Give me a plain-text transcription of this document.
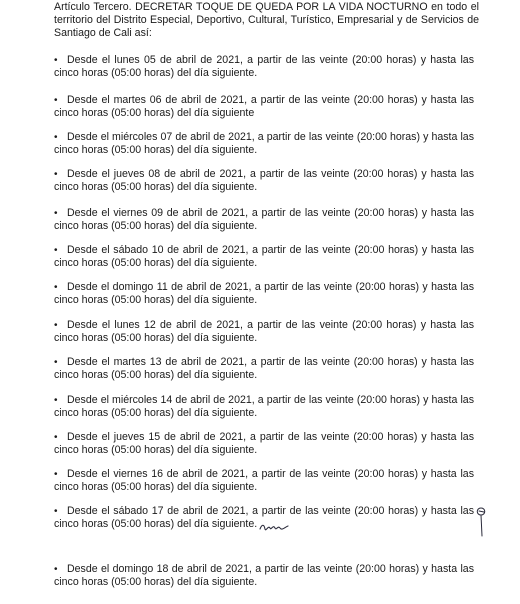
Artículo Tercero. DECRETAR TOQUE DE QUEDA POR LA VIDA NOCTURNO en todo el territorio del Distrito Especial, Deportivo, Cultural, Turístico, Empresarial y de Servicios de Santiago de Cali así:

• Desde el lunes 05 de abril de 2021, a partir de las veinte (20:00 horas) y hasta las cinco horas (05:00 horas) del día siguiente.

• Desde el martes 06 de abril de 2021, a partir de las veinte (20:00 horas) y hasta las cinco horas (05:00 horas) del día siguiente

• Desde el miércoles 07 de abril de 2021, a partir de las veinte (20:00 horas) y hasta las cinco horas (05:00 horas) del día siguiente.

• Desde el jueves 08 de abril de 2021, a partir de las veinte (20:00 horas) y hasta las cinco horas (05:00 horas) del día siguiente.

• Desde el viernes 09 de abril de 2021, a partir de las veinte (20:00 horas) y hasta las cinco horas (05:00 horas) del día siguiente.

• Desde el sábado 10 de abril de 2021, a partir de las veinte (20:00 horas) y hasta las cinco horas (05:00 horas) del día siguiente.

• Desde el domingo 11 de abril de 2021, a partir de las veinte (20:00 horas) y hasta las cinco horas (05:00 horas) del día siguiente.

• Desde el lunes 12 de abril de 2021, a partir de las veinte (20:00 horas) y hasta las cinco horas (05:00 horas) del día siguiente.

• Desde el martes 13 de abril de 2021, a partir de las veinte (20:00 horas) y hasta las cinco horas (05:00 horas) del día siguiente.

• Desde el miércoles 14 de abril de 2021, a partir de las veinte (20:00 horas) y hasta las cinco horas (05:00 horas) del día siguiente.

• Desde el jueves 15 de abril de 2021, a partir de las veinte (20:00 horas) y hasta las cinco horas (05:00 horas) del día siguiente.

• Desde el viernes 16 de abril de 2021, a partir de las veinte (20:00 horas) y hasta las cinco horas (05:00 horas) del día siguiente.

• Desde el sábado 17 de abril de 2021, a partir de las veinte (20:00 horas) y hasta las cinco horas (05:00 horas) del día siguiente.

• Desde el domingo 18 de abril de 2021, a partir de las veinte (20:00 horas) y hasta las cinco horas (05:00 horas) del día siguiente.
